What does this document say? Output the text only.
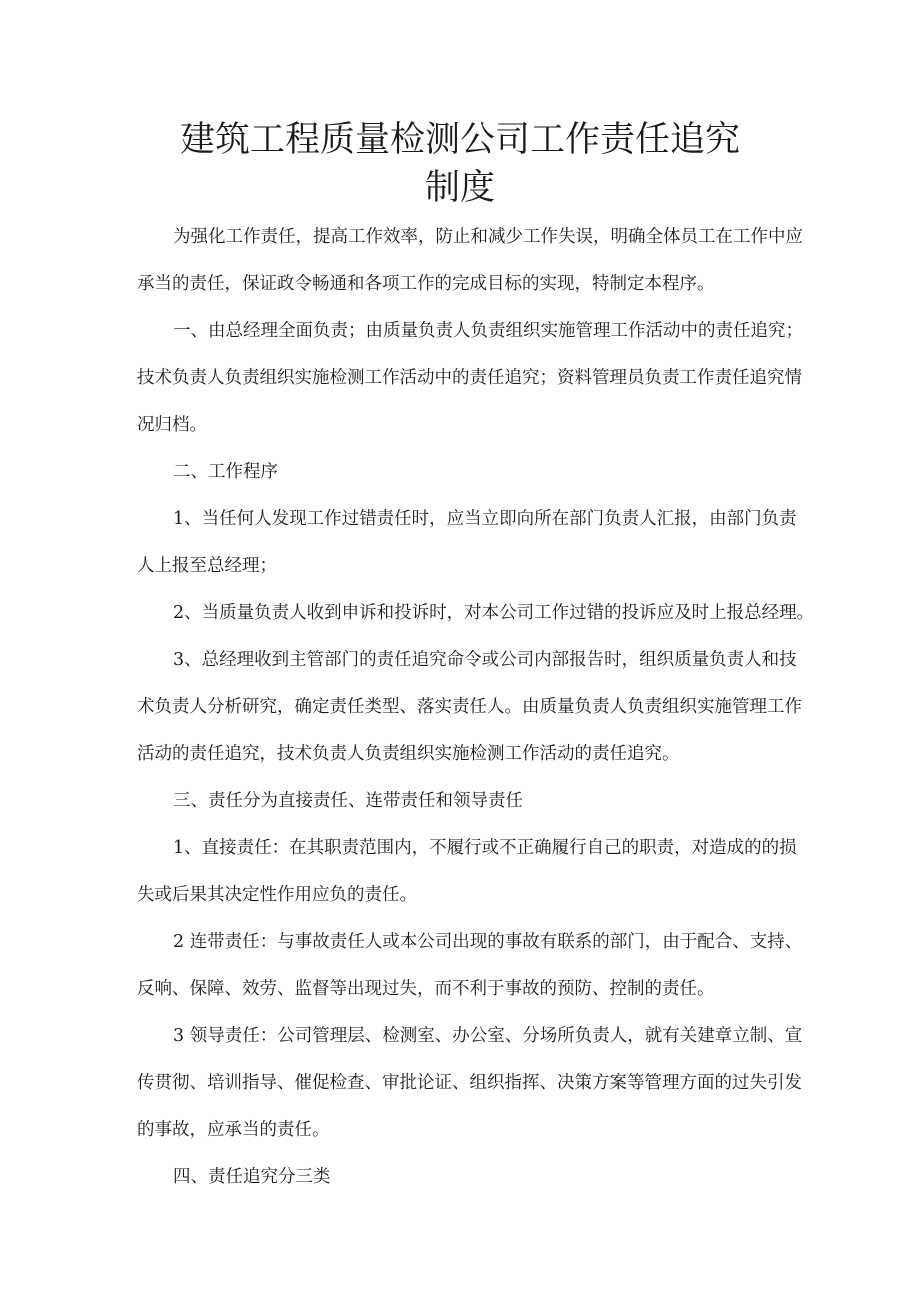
建筑工程质量检测公司工作责任追究
制度

为强化工作责任，提高工作效率，防止和减少工作失误，明确全体员工在工作中应

承当的责任，保证政令畅通和各项工作的完成目标的实现，特制定本程序。

一、由总经理全面负责；由质量负责人负责组织实施管理工作活动中的责任追究；

技术负责人负责组织实施检测工作活动中的责任追究；资料管理员负责工作责任追究情

况归档。

二、工作程序

1、当任何人发现工作过错责任时，应当立即向所在部门负责人汇报，由部门负责

人上报至总经理；

2、当质量负责人收到申诉和投诉时，对本公司工作过错的投诉应及时上报总经理。

3、总经理收到主管部门的责任追究命令或公司内部报告时，组织质量负责人和技

术负责人分析研究，确定责任类型、落实责任人。由质量负责人负责组织实施管理工作

活动的责任追究，技术负责人负责组织实施检测工作活动的责任追究。

三、责任分为直接责任、连带责任和领导责任

1、直接责任：在其职责范围内，不履行或不正确履行自己的职责，对造成的的损

失或后果其决定性作用应负的责任。

2 连带责任：与事故责任人或本公司出现的事故有联系的部门，由于配合、支持、

反响、保障、效劳、监督等出现过失，而不利于事故的预防、控制的责任。

3 领导责任：公司管理层、检测室、办公室、分场所负责人，就有关建章立制、宣

传贯彻、培训指导、催促检查、审批论证、组织指挥、决策方案等管理方面的过失引发

的事故，应承当的责任。

四、责任追究分三类
